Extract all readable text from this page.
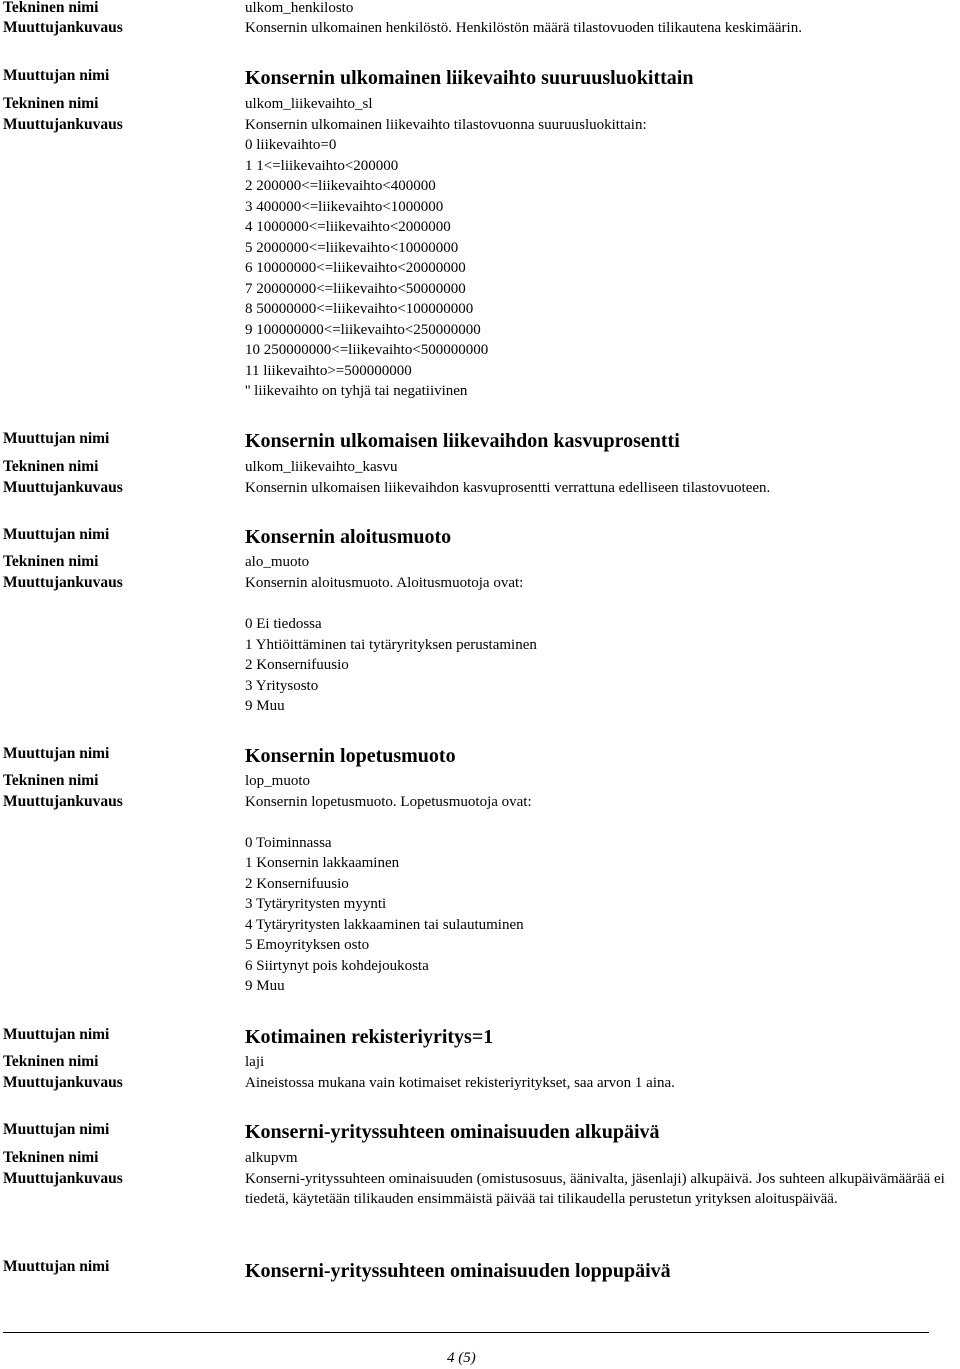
Tekninen nimi	ulkom_henkilosto
Muuttujankuvaus	Konsernin ulkomainen henkilöstö. Henkilöstön määrä tilastovuoden tilikautena keskimäärin.
Muuttujan nimi	Konsernin ulkomainen liikevaihto suuruusluokittain
Tekninen nimi	ulkom_liikevaihto_sl
Muuttujankuvaus	Konsernin ulkomainen liikevaihto tilastovuonna suuruusluokittain:
0 liikevaihto=0
1 1<=liikevaihto<200000
2 200000<=liikevaihto<400000
3 400000<=liikevaihto<1000000
4 1000000<=liikevaihto<2000000
5 2000000<=liikevaihto<10000000
6 10000000<=liikevaihto<20000000
7 20000000<=liikevaihto<50000000
8 50000000<=liikevaihto<100000000
9 100000000<=liikevaihto<250000000
10 250000000<=liikevaihto<500000000
11 liikevaihto>=500000000
'' liikevaihto on tyhjä tai negatiivinen
Muuttujan nimi	Konsernin ulkomaisen liikevaihdon kasvuprosentti
Tekninen nimi	ulkom_liikevaihto_kasvu
Muuttujankuvaus	Konsernin ulkomaisen liikevaihdon kasvuprosentti verrattuna edelliseen tilastovuoteen.
Muuttujan nimi	Konsernin aloitusmuoto
Tekninen nimi	alo_muoto
Muuttujankuvaus	Konsernin aloitusmuoto. Aloitusmuotoja ovat:
0 Ei tiedossa
1 Yhtiöittäminen tai tytäryrityksen perustaminen
2 Konsernifuusio
3 Yritysosto
9 Muu
Muuttujan nimi	Konsernin lopetusmuoto
Tekninen nimi	lop_muoto
Muuttujankuvaus	Konsernin lopetusmuoto. Lopetusmuotoja ovat:
0 Toiminnassa
1 Konsernin lakkaaminen
2 Konsernifuusio
3 Tytäryritysten myynti
4 Tytäryritysten lakkaaminen tai sulautuminen
5 Emoyrityksen osto
6 Siirtynyt pois kohdejoukosta
9 Muu
Muuttujan nimi	Kotimainen rekisteriyritys=1
Tekninen nimi	laji
Muuttujankuvaus	Aineistossa mukana vain kotimaiset rekisteriyritykset, saa arvon 1 aina.
Muuttujan nimi	Konserni-yrityssuhteen ominaisuuden alkupäivä
Tekninen nimi	alkupvm
Muuttujankuvaus	Konserni-yrityssuhteen ominaisuuden (omistusosuus, äänivalta, jäsenlaji) alkupäivä. Jos suhteen alkupäivämäärää ei tiedetä, käytetään tilikauden ensimmäistä päivää tai tilikaudella perustetun yrityksen aloituspäivää.
Muuttujan nimi	Konserni-yrityssuhteen ominaisuuden loppupäivä
4 (5)
